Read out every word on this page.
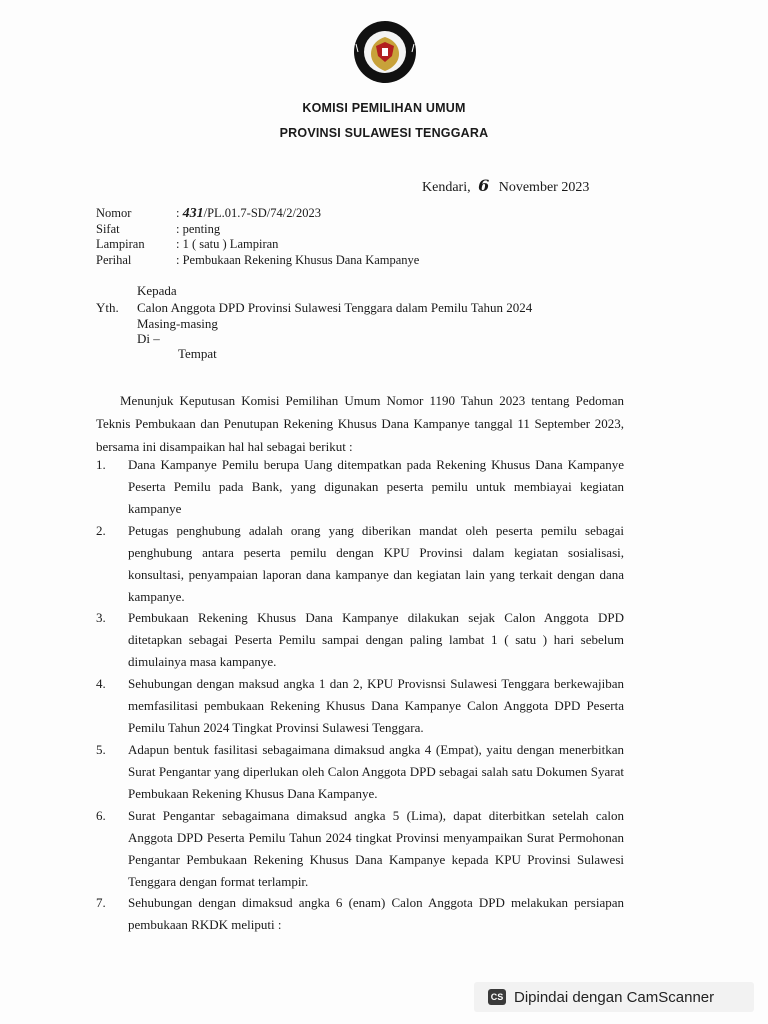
KOMISI PEMILIHAN UMUM
PROVINSI SULAWESI TENGGARA
Kendari, 6 November 2023
Nomor	: 431/PL.01.7-SD/74/2/2023
Sifat	: penting
Lampiran	: 1 ( satu ) Lampiran
Perihal	: Pembukaan Rekening Khusus Dana Kampanye
Kepada
Yth. Calon Anggota DPD Provinsi Sulawesi Tenggara dalam Pemilu Tahun 2024
Masing-masing
Di –
Tempat
Menunjuk Keputusan Komisi Pemilihan Umum Nomor 1190 Tahun 2023 tentang Pedoman Teknis Pembukaan dan Penutupan Rekening Khusus Dana Kampanye tanggal 11 September 2023, bersama ini disampaikan hal hal sebagai berikut :
1.	Dana Kampanye Pemilu berupa Uang ditempatkan pada Rekening Khusus Dana Kampanye Peserta Pemilu pada Bank, yang digunakan peserta pemilu untuk membiayai kegiatan kampanye
2.	Petugas penghubung adalah orang yang diberikan mandat oleh peserta pemilu sebagai penghubung antara peserta pemilu dengan KPU Provinsi dalam kegiatan sosialisasi, konsultasi, penyampaian laporan dana kampanye dan kegiatan lain yang terkait dengan dana kampanye.
3.	Pembukaan Rekening Khusus Dana Kampanye dilakukan sejak Calon Anggota DPD ditetapkan sebagai Peserta Pemilu sampai dengan paling lambat 1 ( satu ) hari sebelum dimulainya masa kampanye.
4.	Sehubungan dengan maksud angka 1 dan 2, KPU Provisnsi Sulawesi Tenggara berkewajiban memfasilitasi pembukaan Rekening Khusus Dana Kampanye Calon Anggota DPD Peserta Pemilu Tahun 2024 Tingkat Provinsi Sulawesi Tenggara.
5.	Adapun bentuk fasilitasi sebagaimana dimaksud angka 4 (Empat), yaitu dengan menerbitkan Surat Pengantar yang diperlukan oleh Calon Anggota DPD sebagai salah satu Dokumen Syarat Pembukaan Rekening Khusus Dana Kampanye.
6.	Surat Pengantar sebagaimana dimaksud angka 5 (Lima), dapat diterbitkan setelah calon Anggota DPD Peserta Pemilu Tahun 2024 tingkat Provinsi menyampaikan Surat Permohonan Pengantar Pembukaan Rekening Khusus Dana Kampanye kepada KPU Provinsi Sulawesi Tenggara dengan format terlampir.
7.	Sehubungan dengan dimaksud angka 6 (enam) Calon Anggota DPD melakukan persiapan pembukaan RKDK meliputi :
CS Dipindai dengan CamScanner
